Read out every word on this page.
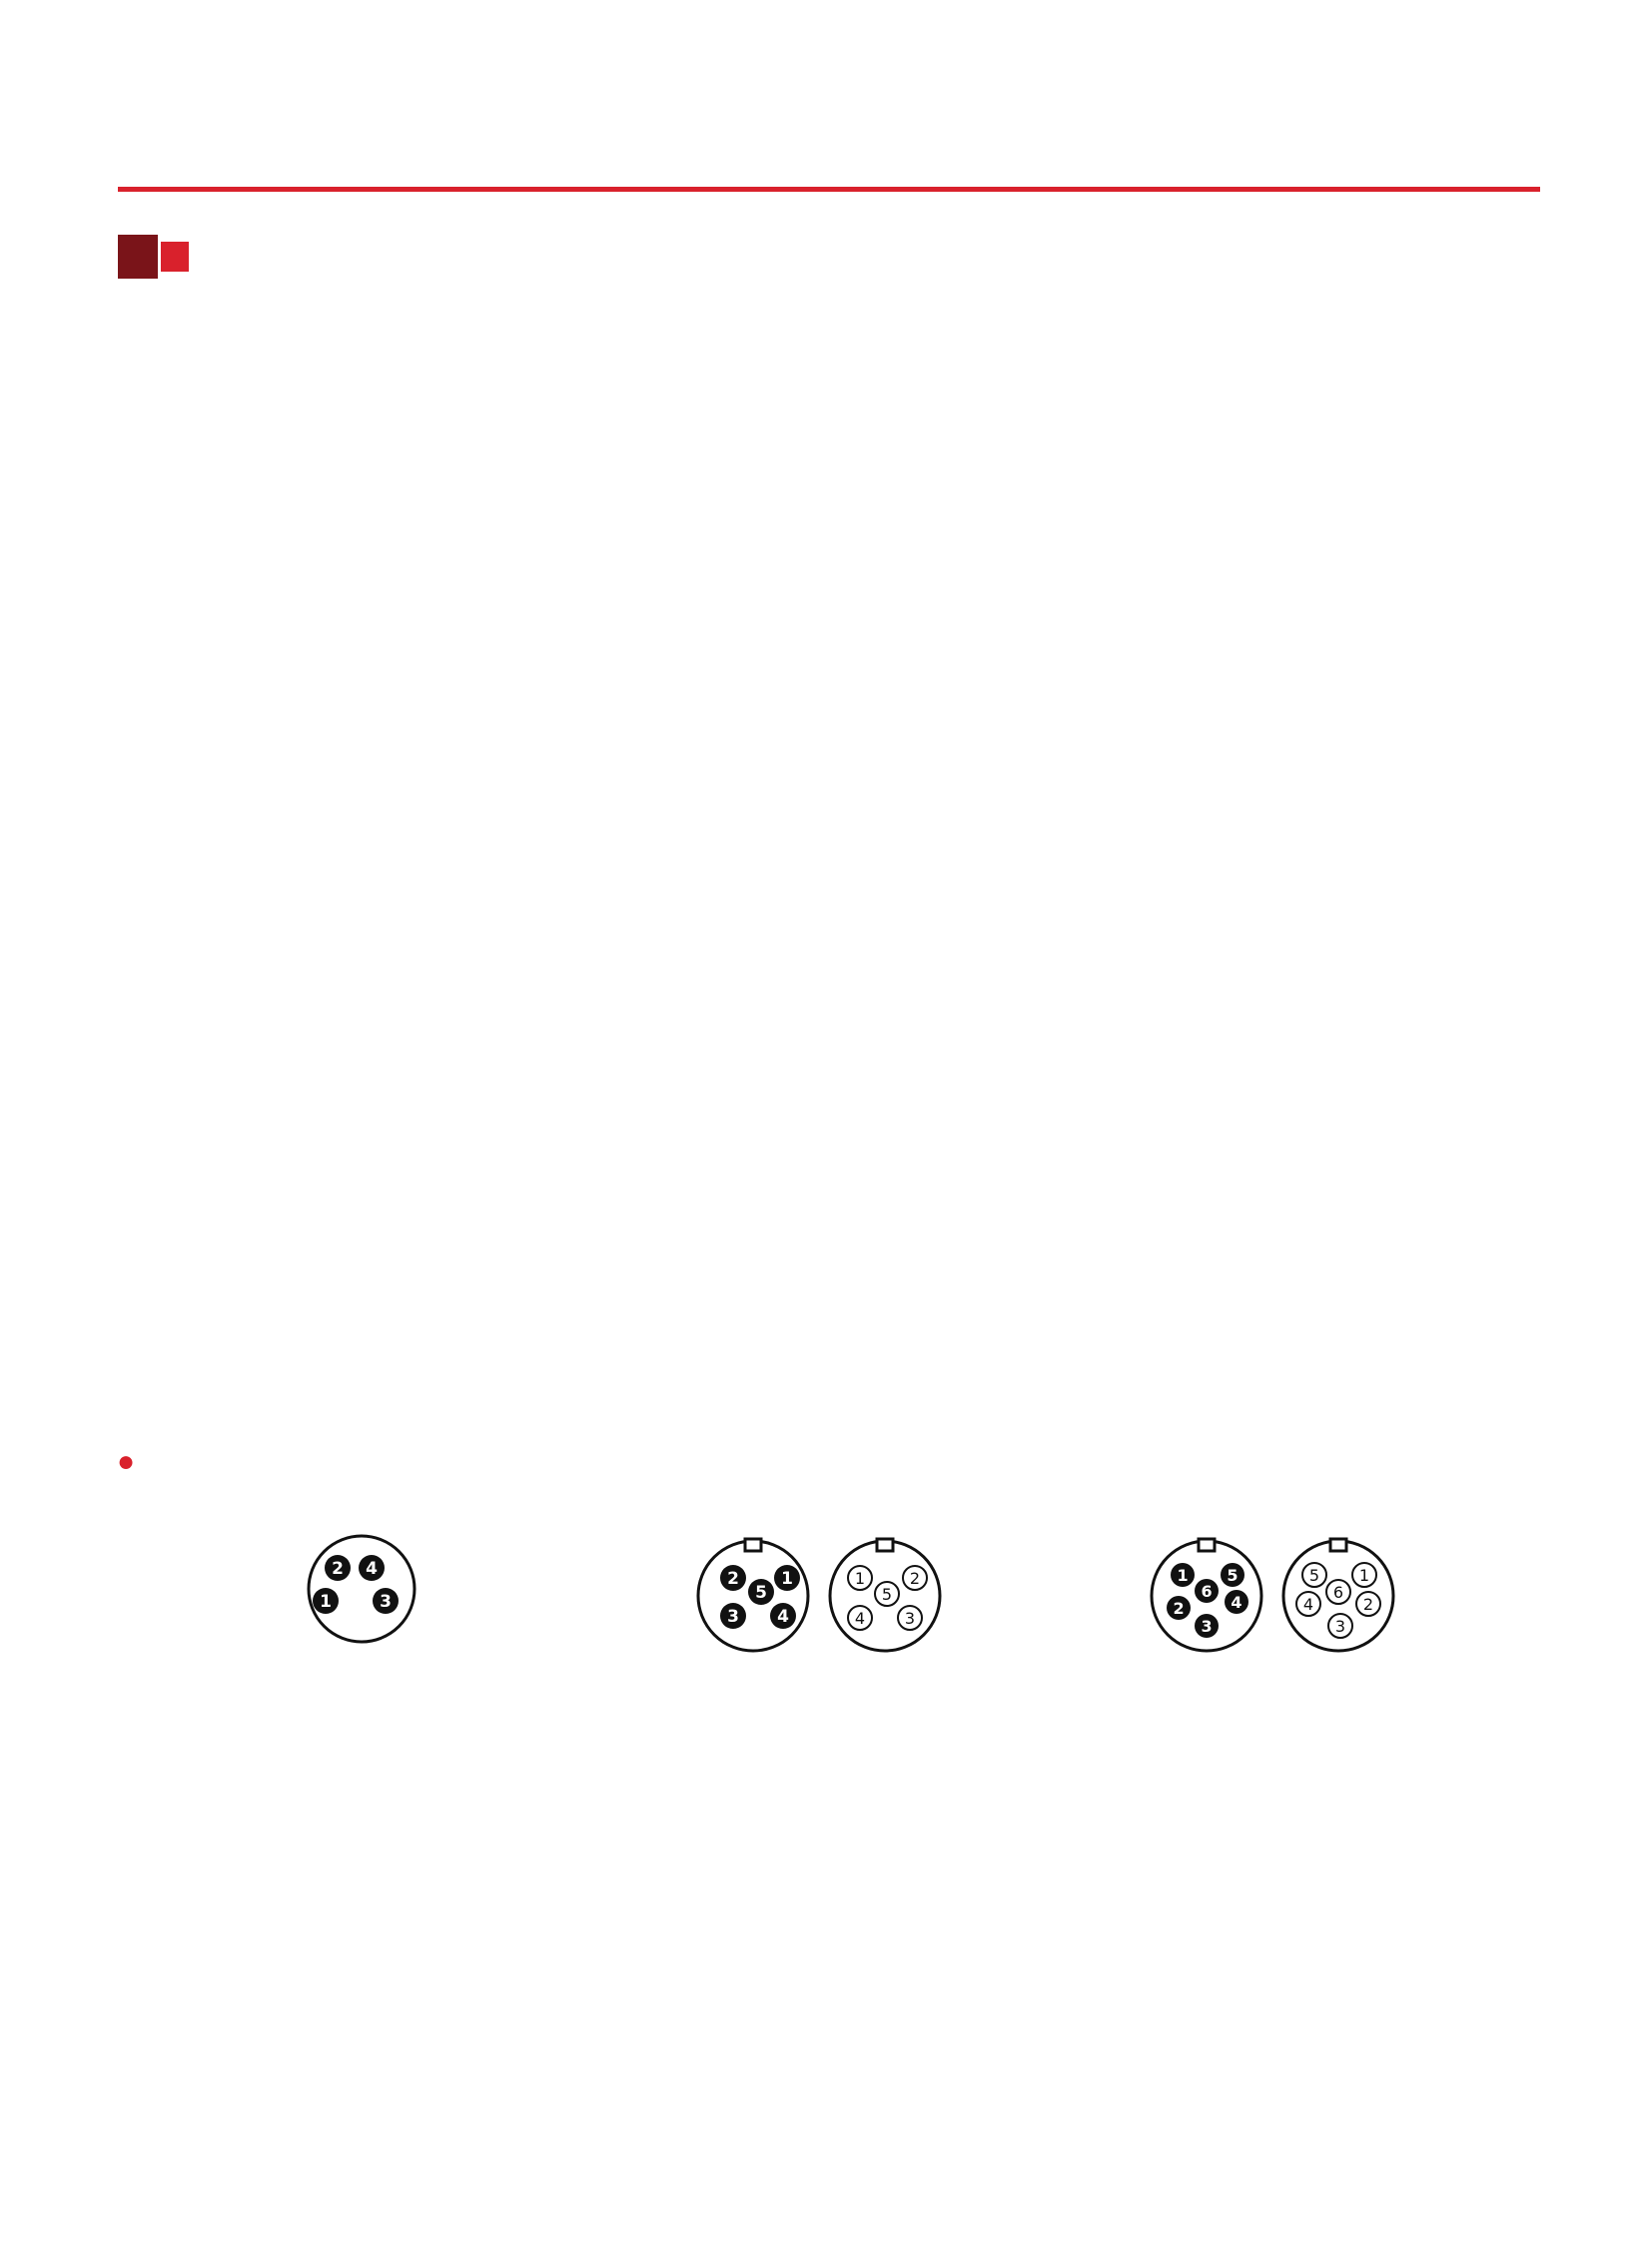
●
2 4
1	3
2 1
5
3 4
1	2
5
4 3
1 5
6
4
2
3
5 1
6
4	2
3
